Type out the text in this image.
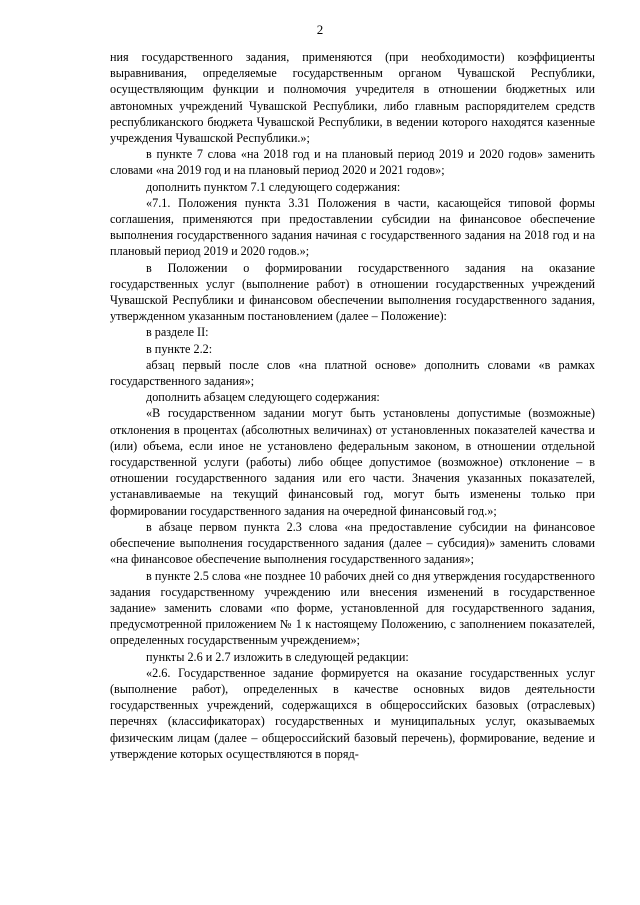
2

ния государственного задания, применяются (при необходимости) коэффициенты выравнивания, определяемые государственным органом Чувашской Республики, осуществляющим функции и полномочия учредителя в отношении бюджетных или автономных учреждений Чувашской Республики, либо главным распорядителем средств республиканского бюджета Чувашской Республики, в ведении которого находятся казенные учреждения Чувашской Республики.»;

в пункте 7 слова «на 2018 год и на плановый период 2019 и 2020 годов» заменить словами «на 2019 год и на плановый период 2020 и 2021 годов»;

дополнить пунктом 7.1 следующего содержания:

«7.1. Положения пункта 3.31 Положения в части, касающейся типовой формы соглашения, применяются при предоставлении субсидии на финансовое обеспечение выполнения государственного задания начиная с государственного задания на 2018 год и на плановый период 2019 и 2020 годов.»;

в Положении о формировании государственного задания на оказание государственных услуг (выполнение работ) в отношении государственных учреждений Чувашской Республики и финансовом обеспечении выполнения государственного задания, утвержденном указанным постановлением (далее – Положение):

в разделе II:

в пункте 2.2:

абзац первый после слов «на платной основе» дополнить словами «в рамках государственного задания»;

дополнить абзацем следующего содержания:

«В государственном задании могут быть установлены допустимые (возможные) отклонения в процентах (абсолютных величинах) от установленных показателей качества и (или) объема, если иное не установлено федеральным законом, в отношении отдельной государственной услуги (работы) либо общее допустимое (возможное) отклонение – в отношении государственного задания или его части. Значения указанных показателей, устанавливаемые на текущий финансовый год, могут быть изменены только при формировании государственного задания на очередной финансовый год.»;

в абзаце первом пункта 2.3 слова «на предоставление субсидии на финансовое обеспечение выполнения государственного задания (далее – субсидия)» заменить словами «на финансовое обеспечение выполнения государственного задания»;

в пункте 2.5 слова «не позднее 10 рабочих дней со дня утверждения государственного задания государственному учреждению или внесения изменений в государственное задание» заменить словами «по форме, установленной для государственного задания, предусмотренной приложением № 1 к настоящему Положению, с заполнением показателей, определенных государственным учреждением»;

пункты 2.6 и 2.7 изложить в следующей редакции:

«2.6. Государственное задание формируется на оказание государственных услуг (выполнение работ), определенных в качестве основных видов деятельности государственных учреждений, содержащихся в общероссийских базовых (отраслевых) перечнях (классификаторах) государственных и муниципальных услуг, оказываемых физическим лицам (далее – общероссийский базовый перечень), формирование, ведение и утверждение которых осуществляются в поряд-
